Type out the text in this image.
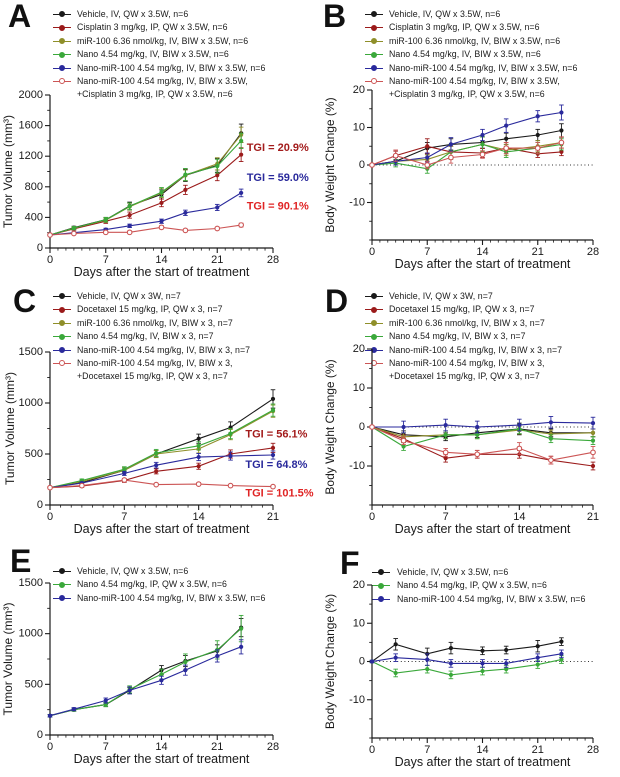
A	Vehicle, IV, QW x 3.5W, n=6
Cisplatin 3 mg/kg, IP, QW x 3.5W, n=6
miR-100 6.36 nmol/kg, IV, BIW x 3.5W, n=6
Nano 4.54 mg/kg, IV, BIW x 3.5W, n=6
Nano-miR-100 4.54 mg/kg, IV, BIW x 3.5W, n=6
Nano-miR-100 4.54 mg/kg, IV, BIW x 3.5W,
+Cisplatin 3 mg/kg, IP, QW x 3.5W, n=6
0
400
800
1200
1600
2000
0	7	14	21	28
TGI = 20.9%
TGI = 59.0%
TGI = 90.1%
Tumor Volume (mm³)
Days after the start of treatment
B	Vehicle, IV, QW x 3.5W, n=6
Cisplatin 3 mg/kg, IP, QW x 3.5W, n=6
miR-100 6.36 nmol/kg, IV, BIW x 3.5W, n=6
Nano 4.54 mg/kg, IV, BIW x 3.5W, n=6
Nano-miR-100 4.54 mg/kg, IV, BIW x 3.5W, n=6
Nano-miR-100 4.54 mg/kg, IV, BIW x 3.5W,
+Cisplatin 3 mg/kg, IP, QW x 3.5W, n=6
-10
0
10
20
0	7	14	21	28
Body Weight Change (%)
Days after the start of treatment
C	Vehicle, IV, QW x 3W, n=7
Docetaxel 15 mg/kg, IP, QW x 3, n=7
miR-100 6.36 nmol/kg, IV, BIW x 3, n=7
Nano 4.54 mg/kg, IV, BIW x 3, n=7
Nano-miR-100 4.54 mg/kg, IV, BIW x 3, n=7
Nano-miR-100 4.54 mg/kg, IV, BIW x 3,
+Docetaxel 15 mg/kg, IP, QW x 3, n=7
0
500
1000
1500
0	7	14	21
TGI = 56.1%
TGI = 64.8%
TGI = 101.5%
Tumor Volume (mm³)
Days after the start of treatment
D	Vehicle, IV, QW x 3W, n=7
Docetaxel 15 mg/kg, IP, QW x 3, n=7
miR-100 6.36 nmol/kg, IV, BIW x 3, n=7
Nano 4.54 mg/kg, IV, BIW x 3, n=7
Nano-miR-100 4.54 mg/kg, IV, BIW x 3, n=7
Nano-miR-100 4.54 mg/kg, IV, BIW x 3,
+Docetaxel 15 mg/kg, IP, QW x 3, n=7
-10
0
10
20
0	7	14	21
Body Weight Change (%)
Days after the start of treatment
E	Vehicle, IV, QW x 3.5W, n=6
Nano 4.54 mg/kg, IP, QW x 3.5W, n=6
Nano-miR-100 4.54 mg/kg, IV, BIW x 3.5W, n=6
0
500
1000
1500
0	7	14	21	28
Tumor Volume (mm³)
Days after the start of treatment
F	Vehicle, IV, QW x 3.5W, n=6
Nano 4.54 mg/kg, IP, QW x 3.5W, n=6
Nano-miR-100 4.54 mg/kg, IV, BIW x 3.5W, n=6
-10
0
10
20
0	7	14	21	28
Body Weight Change (%)
Days after the start of treatment
